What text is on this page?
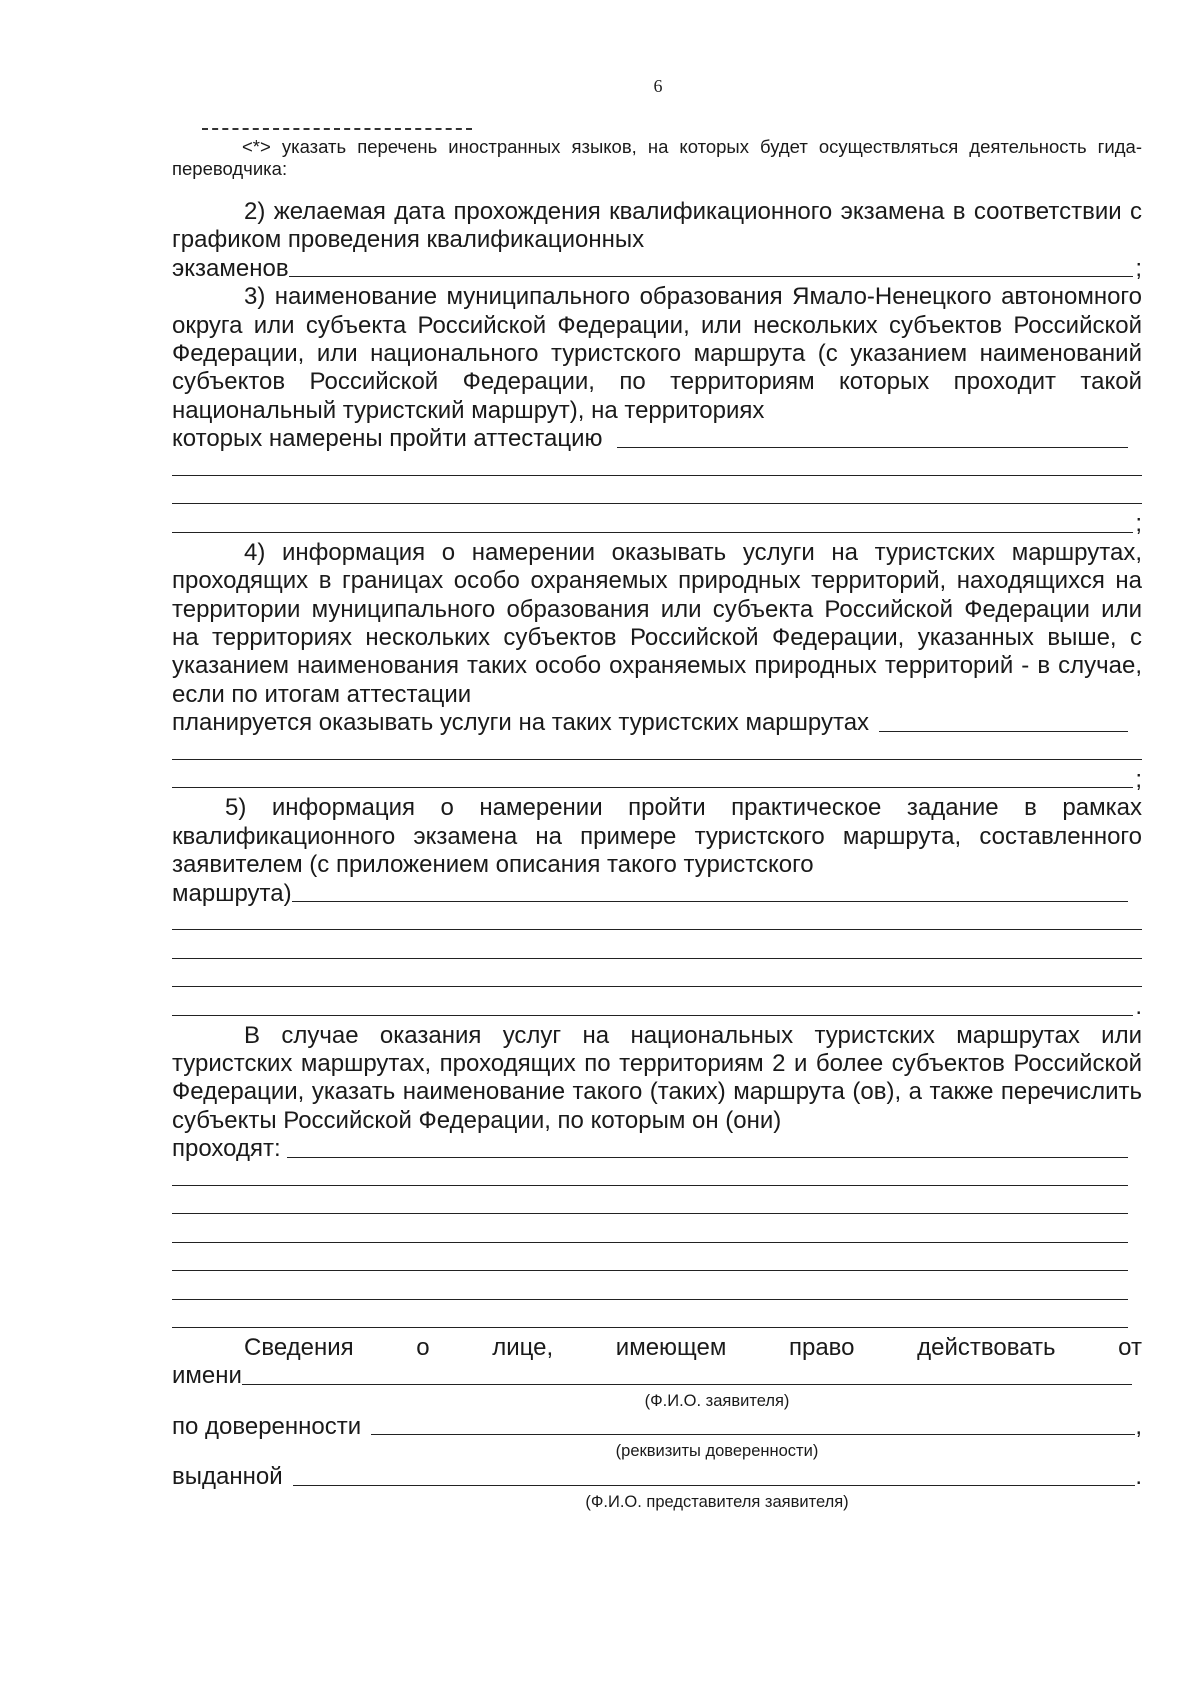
6

<*> указать перечень иностранных языков, на которых будет осуществляться деятельность гида-переводчика:

2) желаемая дата прохождения квалификационного экзамена в соответствии с графиком проведения квалификационных

экзаменов	;

3) наименование муниципального образования Ямало-Ненецкого автономного округа или субъекта Российской Федерации, или нескольких субъектов Российской Федерации, или национального туристского маршрута (с указанием наименований субъектов Российской Федерации, по территориям которых проходит такой национальный туристский маршрут), на территориях

которых намерены пройти аттестацию
;

4) информация о намерении оказывать услуги на туристских маршрутах, проходящих в границах особо охраняемых природных территорий, находящихся на территории муниципального образования или субъекта Российской Федерации или на территориях нескольких субъектов Российской Федерации, указанных выше, с указанием наименования таких особо охраняемых природных территорий - в случае, если по итогам аттестации

планируется оказывать услуги на таких туристских маршрутах
;

5) информация о намерении пройти практическое задание в рамках квалификационного экзамена на примере туристского маршрута, составленного заявителем (с приложением описания такого туристского

маршрута)
.

В случае оказания услуг на национальных туристских маршрутах или туристских маршрутах, проходящих по территориям 2 и более субъектов Российской Федерации, указать наименование такого (таких) маршрута (ов), а также перечислить субъекты Российской Федерации, по которым он (они)

проходят:
Сведения	о	лице,	имеющем	право	действовать	от
имени
(Ф.И.О. заявителя)
по доверенности	,
(реквизиты доверенности)
выданной	.
(Ф.И.О. представителя заявителя)
